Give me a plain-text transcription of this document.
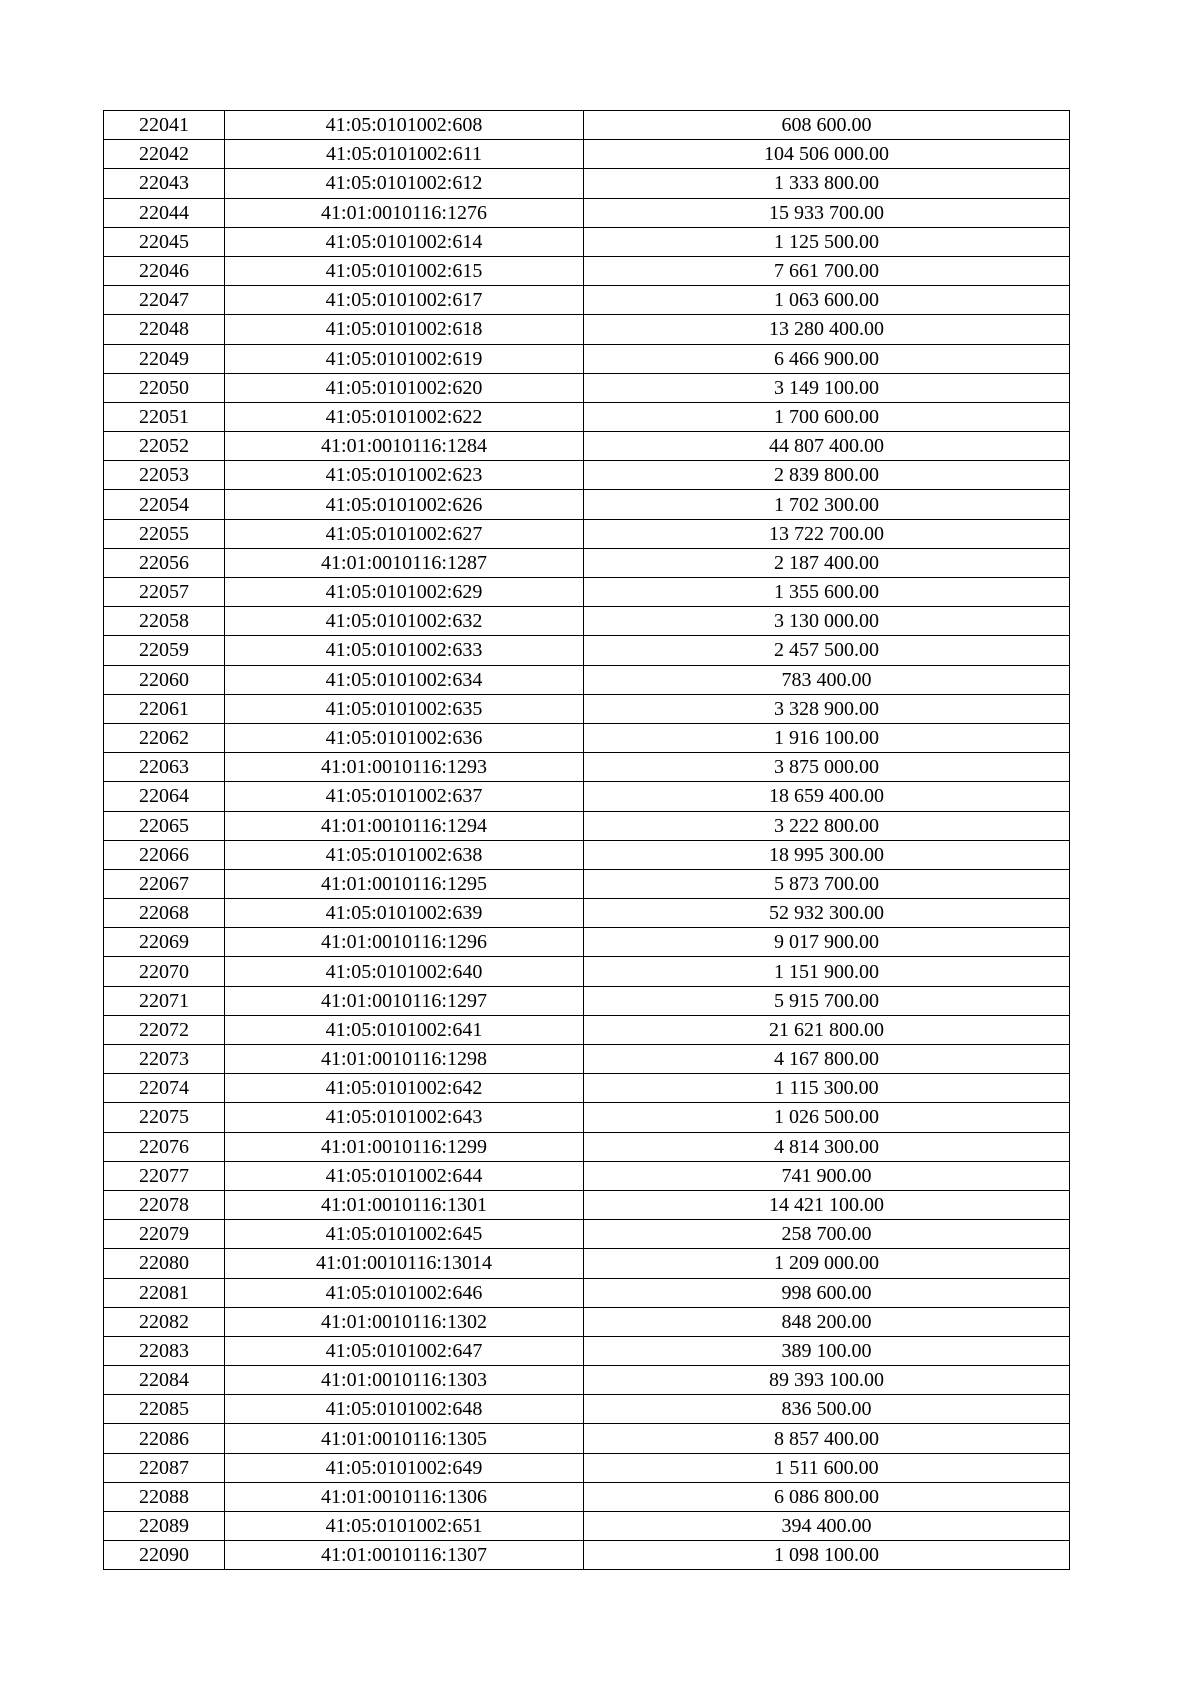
22041	41:05:0101002:608	608 600.00
22042	41:05:0101002:611	104 506 000.00
22043	41:05:0101002:612	1 333 800.00
22044	41:01:0010116:1276	15 933 700.00
22045	41:05:0101002:614	1 125 500.00
22046	41:05:0101002:615	7 661 700.00
22047	41:05:0101002:617	1 063 600.00
22048	41:05:0101002:618	13 280 400.00
22049	41:05:0101002:619	6 466 900.00
22050	41:05:0101002:620	3 149 100.00
22051	41:05:0101002:622	1 700 600.00
22052	41:01:0010116:1284	44 807 400.00
22053	41:05:0101002:623	2 839 800.00
22054	41:05:0101002:626	1 702 300.00
22055	41:05:0101002:627	13 722 700.00
22056	41:01:0010116:1287	2 187 400.00
22057	41:05:0101002:629	1 355 600.00
22058	41:05:0101002:632	3 130 000.00
22059	41:05:0101002:633	2 457 500.00
22060	41:05:0101002:634	783 400.00
22061	41:05:0101002:635	3 328 900.00
22062	41:05:0101002:636	1 916 100.00
22063	41:01:0010116:1293	3 875 000.00
22064	41:05:0101002:637	18 659 400.00
22065	41:01:0010116:1294	3 222 800.00
22066	41:05:0101002:638	18 995 300.00
22067	41:01:0010116:1295	5 873 700.00
22068	41:05:0101002:639	52 932 300.00
22069	41:01:0010116:1296	9 017 900.00
22070	41:05:0101002:640	1 151 900.00
22071	41:01:0010116:1297	5 915 700.00
22072	41:05:0101002:641	21 621 800.00
22073	41:01:0010116:1298	4 167 800.00
22074	41:05:0101002:642	1 115 300.00
22075	41:05:0101002:643	1 026 500.00
22076	41:01:0010116:1299	4 814 300.00
22077	41:05:0101002:644	741 900.00
22078	41:01:0010116:1301	14 421 100.00
22079	41:05:0101002:645	258 700.00
22080	41:01:0010116:13014	1 209 000.00
22081	41:05:0101002:646	998 600.00
22082	41:01:0010116:1302	848 200.00
22083	41:05:0101002:647	389 100.00
22084	41:01:0010116:1303	89 393 100.00
22085	41:05:0101002:648	836 500.00
22086	41:01:0010116:1305	8 857 400.00
22087	41:05:0101002:649	1 511 600.00
22088	41:01:0010116:1306	6 086 800.00
22089	41:05:0101002:651	394 400.00
22090	41:01:0010116:1307	1 098 100.00
